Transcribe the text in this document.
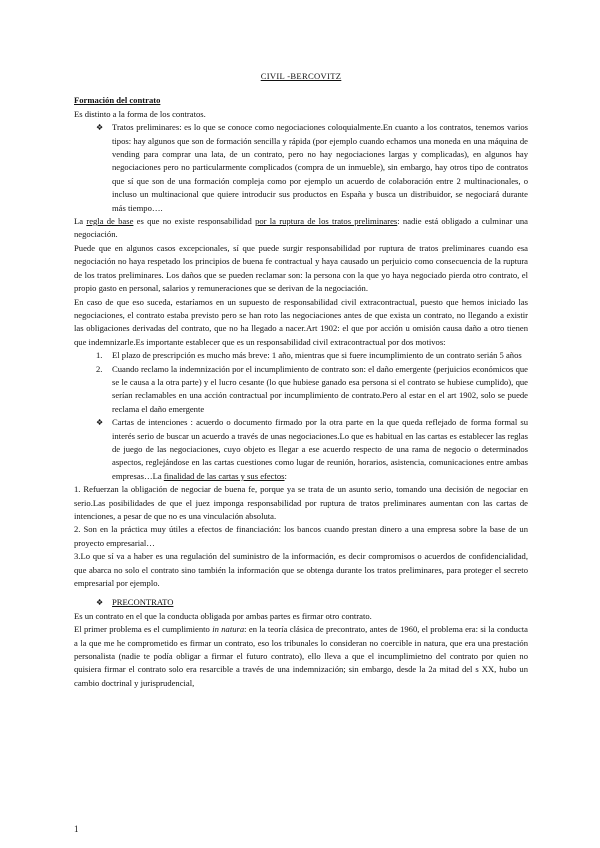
CIVIL -BERCOVITZ

Formación del contrato

Es distinto a la forma de los contratos.

❖ Tratos preliminares: es lo que se conoce como negociaciones coloquialmente.En cuanto a los contratos, tenemos varios tipos: hay algunos que son de formación sencilla y rápida (por ejemplo cuando echamos una moneda en una máquina de vending para comprar una lata, de un contrato, pero no hay negociaciones largas y complicadas), en algunos hay negociaciones pero no particularmente complicados (compra de un inmueble), sin embargo, hay otros tipo de contratos que sí que son de una formación compleja como por ejemplo un acuerdo de colaboración entre 2 multinacionales, o incluso un multinacional que quiere introducir sus productos en España y busca un distribuidor, se negociará durante más tiempo….

La regla de base es que no existe responsabilidad por la ruptura de los tratos preliminares: nadie está obligado a culminar una negociación.

Puede que en algunos casos excepcionales, sí que puede surgir responsabilidad por ruptura de tratos preliminares cuando esa negociación no haya respetado los principios de buena fe contractual y haya causado un perjuicio como consecuencia de la ruptura de los tratos preliminares. Los daños que se pueden reclamar son: la persona con la que yo haya negociado pierda otro contrato, el propio gasto en personal, salarios y remuneraciones que se derivan de la negociación.

En caso de que eso suceda, estaríamos en un supuesto de responsabilidad civil extracontractual, puesto que hemos iniciado las negociaciones, el contrato estaba previsto pero se han roto las negociaciones antes de que exista un contrato, no llegando a existir las obligaciones derivadas del contrato, que no ha llegado a nacer.Art 1902: el que por acción u omisión causa daño a otro tienen que indemnizarle.Es importante establecer que es un responsabilidad civil extracontractual por dos motivos:

1. El plazo de prescripción es mucho más breve: 1 año, mientras que si fuere incumplimiento de un contrato serián 5 años
2. Cuando reclamo la indemnización por el incumplimiento de contrato son: el daño emergente (perjuicios económicos que se le causa a la otra parte) y el lucro cesante (lo que hubiese ganado esa persona si el contrato se hubiese cumplido), que serían reclamables en una acción contractual por incumplimiento de contrato.Pero al estar en el art 1902, solo se puede reclama el daño emergente
❖ Cartas de intenciones : acuerdo o documento firmado por la otra parte en la que queda reflejado de forma formal su interés serio de buscar un acuerdo a través de unas negociaciones.Lo que es habitual en las cartas es establecer las reglas de juego de las negociaciones, cuyo objeto es llegar a ese acuerdo respecto de una rama de negocio o determinados aspectos, reglejándose en las cartas cuestiones como lugar de reunión, horarios, asistencia, comunicaciones entre ambas empresas…La finalidad de las cartas y sus efectos:

1. Refuerzan la obligación de negociar de buena fe, porque ya se trata de un asunto serio, tomando una decisión de negociar en serio.Las posibilidades de que el juez imponga responsabilidad por ruptura de tratos preliminares aumentan con las cartas de intenciones, a pesar de que no es una vinculación absoluta.

2. Son en la práctica muy útiles a efectos de financiación: los bancos cuando prestan dinero a una empresa sobre la base de un proyecto empresarial…

3.Lo que sí va a haber es una regulación del suministro de la información, es decir compromisos o acuerdos de confidencialidad, que abarca no solo el contrato sino también la información que se obtenga durante los tratos preliminares, para proteger el secreto empresarial por ejemplo.

❖ PRECONTRATO

Es un contrato en el que la conducta obligada por ambas partes es firmar otro contrato.

El primer problema es el cumplimiento in natura: en la teoría clásica de precontrato, antes de 1960, el problema era: si la conducta a la que me he comprometido es firmar un contrato, eso los tribunales lo consideran no coercible in natura, que era una prestación personalista (nadie te podía obligar a firmar el futuro contrato), ello lleva a que el incumplimietno del contrato por quien no quisiera firmar el contrato solo era resarcible a través de una indemnización; sin embargo, desde la 2a mitad del s XX, hubo un cambio doctrinal y jurisprudencial,

1
